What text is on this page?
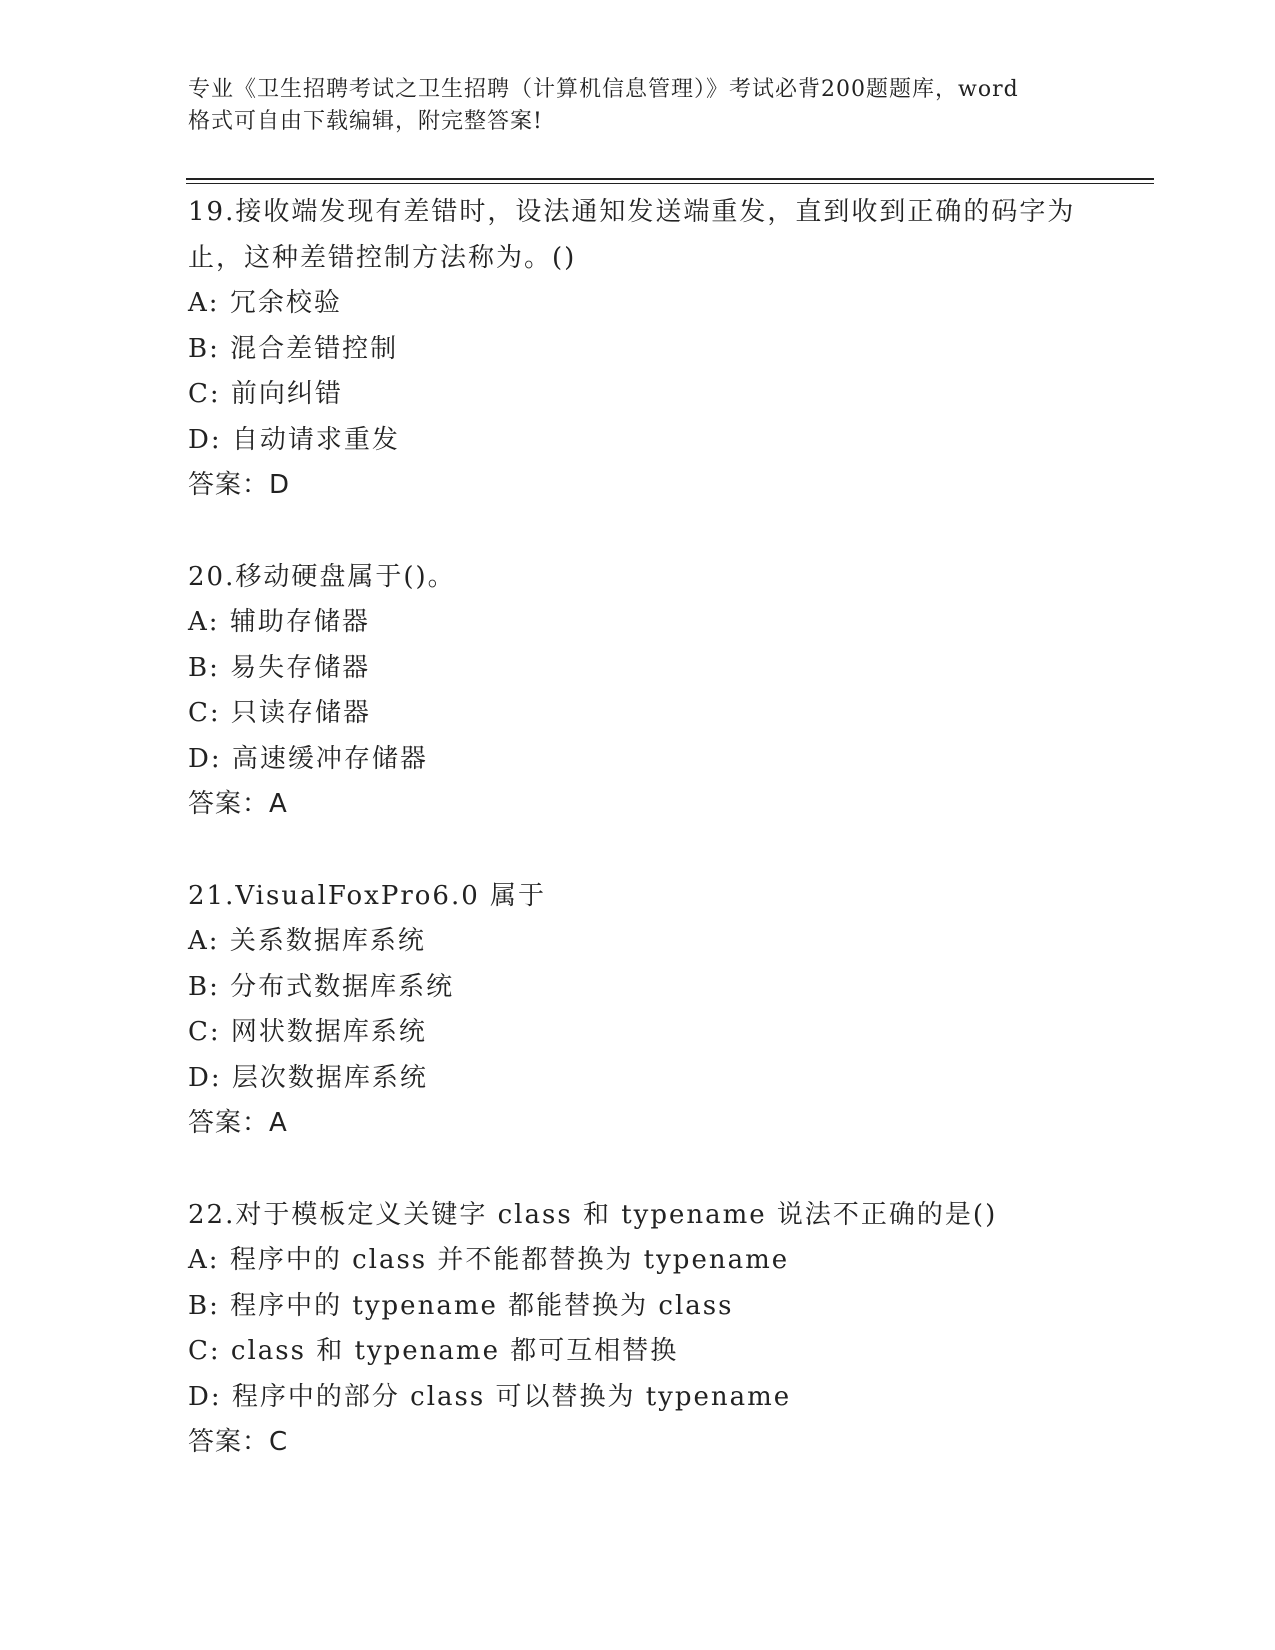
专业《卫生招聘考试之卫生招聘（计算机信息管理）》考试必背200题题库，word
格式可自由下载编辑，附完整答案!

19.接收端发现有差错时，设法通知发送端重发，直到收到正确的码字为止，这种差错控制方法称为。()

A: 冗余校验
B: 混合差错控制
C: 前向纠错
D: 自动请求重发
答案：D

20.移动硬盘属于()。

A: 辅助存储器
B: 易失存储器
C: 只读存储器
D: 高速缓冲存储器
答案：A

21.VisualFoxPro6.0 属于

A: 关系数据库系统
B: 分布式数据库系统
C: 网状数据库系统
D: 层次数据库系统
答案：A

22.对于模板定义关键字 class 和 typename 说法不正确的是()

A: 程序中的 class 并不能都替换为 typename
B: 程序中的 typename 都能替换为 class
C: class 和 typename 都可互相替换
D: 程序中的部分 class 可以替换为 typename
答案：C
